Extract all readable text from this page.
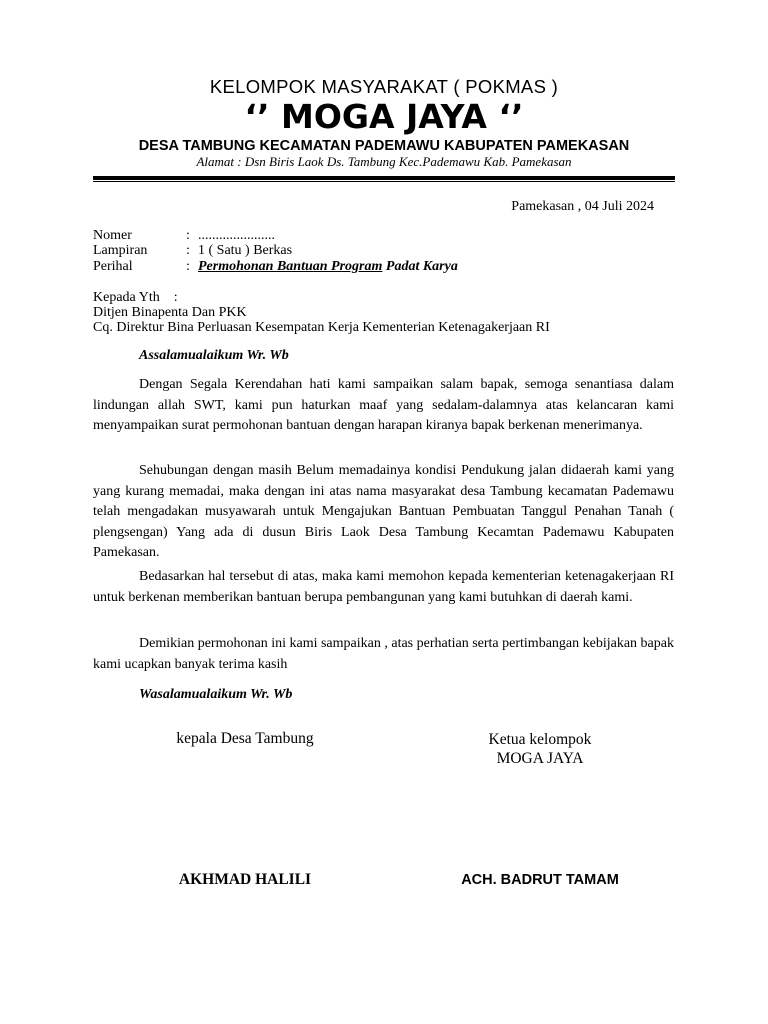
KELOMPOK MASYARAKAT ( POKMAS )
‘’ MOGA JAYA ‘’
DESA TAMBUNG KECAMATAN PADEMAWU KABUPATEN PAMEKASAN
Alamat : Dsn Biris Laok Ds. Tambung Kec.Pademawu Kab. Pamekasan
Pamekasan , 04 Juli 2024
Nomer	: ......................
Lampiran	: 1 ( Satu ) Berkas
Perihal	: Permohonan Bantuan Program Padat Karya
Kepada Yth    :
Ditjen Binapenta Dan PKK
Cq. Direktur Bina Perluasan Kesempatan Kerja Kementerian Ketenagakerjaan RI
Assalamualaikum Wr. Wb
Dengan Segala Kerendahan hati kami sampaikan salam bapak, semoga senantiasa dalam lindungan allah SWT, kami pun haturkan maaf yang sedalam-dalamnya atas kelancaran kami menyampaikan surat permohonan bantuan dengan harapan kiranya bapak berkenan menerimanya.
Sehubungan dengan masih Belum memadainya kondisi Pendukung jalan didaerah kami yang yang kurang memadai, maka dengan ini atas nama masyarakat desa Tambung kecamatan Pademawu telah mengadakan musyawarah untuk Mengajukan Bantuan Pembuatan Tanggul Penahan Tanah ( plengsengan) Yang ada di dusun Biris Laok Desa Tambung Kecamtan Pademawu Kabupaten Pamekasan.
Bedasarkan hal tersebut di atas, maka kami memohon kepada kementerian ketenagakerjaan RI untuk berkenan memberikan bantuan berupa pembangunan yang kami butuhkan di daerah kami.
Demikian permohonan ini kami sampaikan , atas perhatian serta pertimbangan kebijakan bapak kami ucapkan banyak terima kasih
Wasalamualaikum Wr. Wb
kepala Desa Tambung	Ketua kelompok
MOGA JAYA
AKHMAD HALILI	ACH. BADRUT TAMAM
